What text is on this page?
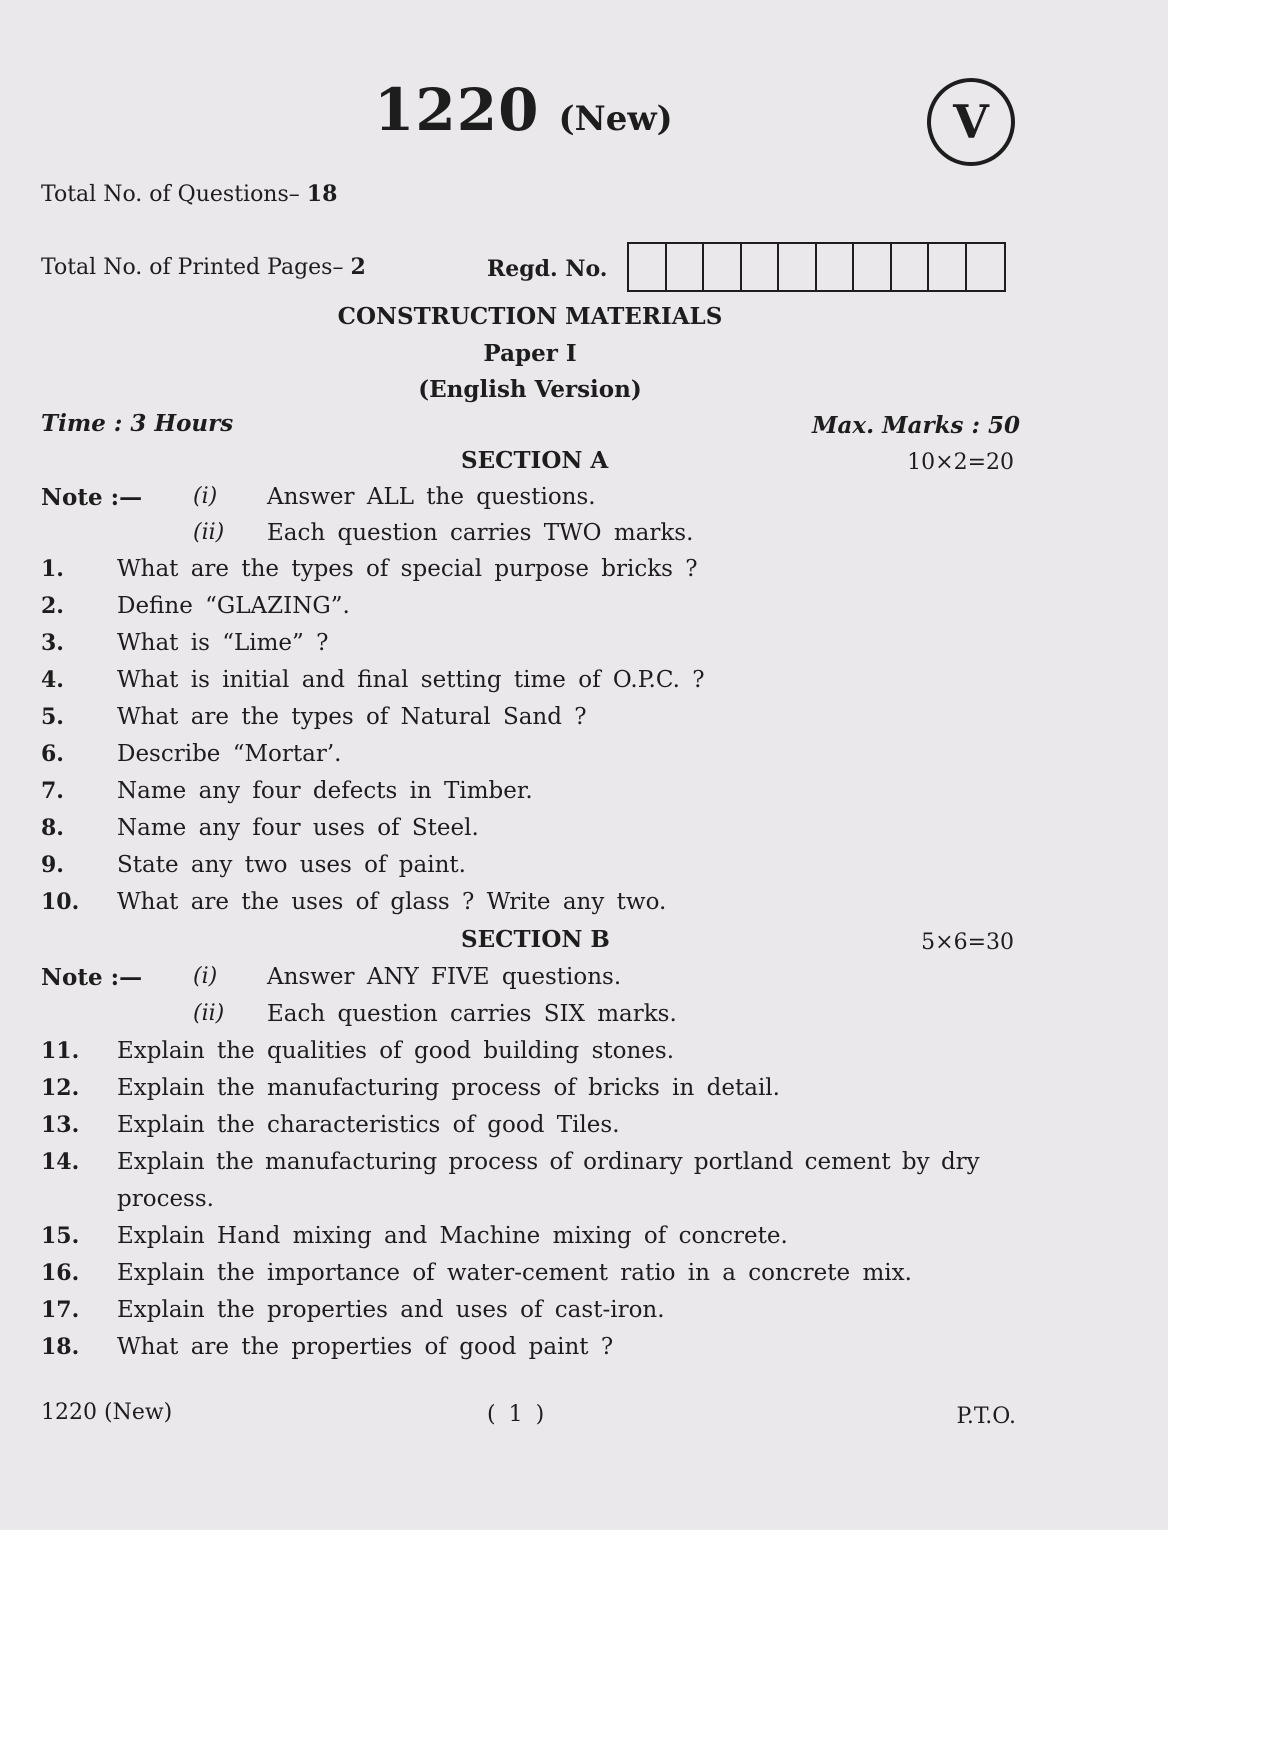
1220 (New)	V
Total No. of Questions– 18
Total No. of Printed Pages– 2	Regd. No.
CONSTRUCTION MATERIALS
Paper I
(English Version)
Time : 3 Hours	Max. Marks : 50
SECTION A	10×2=20
Note :— (i) Answer ALL the questions.
(ii) Each question carries TWO marks.
1. What are the types of special purpose bricks ?
2. Define “GLAZING”.
3. What is “Lime” ?
4. What is initial and final setting time of O.P.C. ?
5. What are the types of Natural Sand ?
6. Describe “Mortar’.
7. Name any four defects in Timber.
8. Name any four uses of Steel.
9. State any two uses of paint.
10. What are the uses of glass ? Write any two.
SECTION B	5×6=30
Note :— (i) Answer ANY FIVE questions.
(ii) Each question carries SIX marks.
11. Explain the qualities of good building stones.
12. Explain the manufacturing process of bricks in detail.
13. Explain the characteristics of good Tiles.
14. Explain the manufacturing process of ordinary portland cement by dry
process.
15. Explain Hand mixing and Machine mixing of concrete.
16. Explain the importance of water-cement ratio in a concrete mix.
17. Explain the properties and uses of cast-iron.
18. What are the properties of good paint ?
1220 (New)	( 1 )	P.T.O.
